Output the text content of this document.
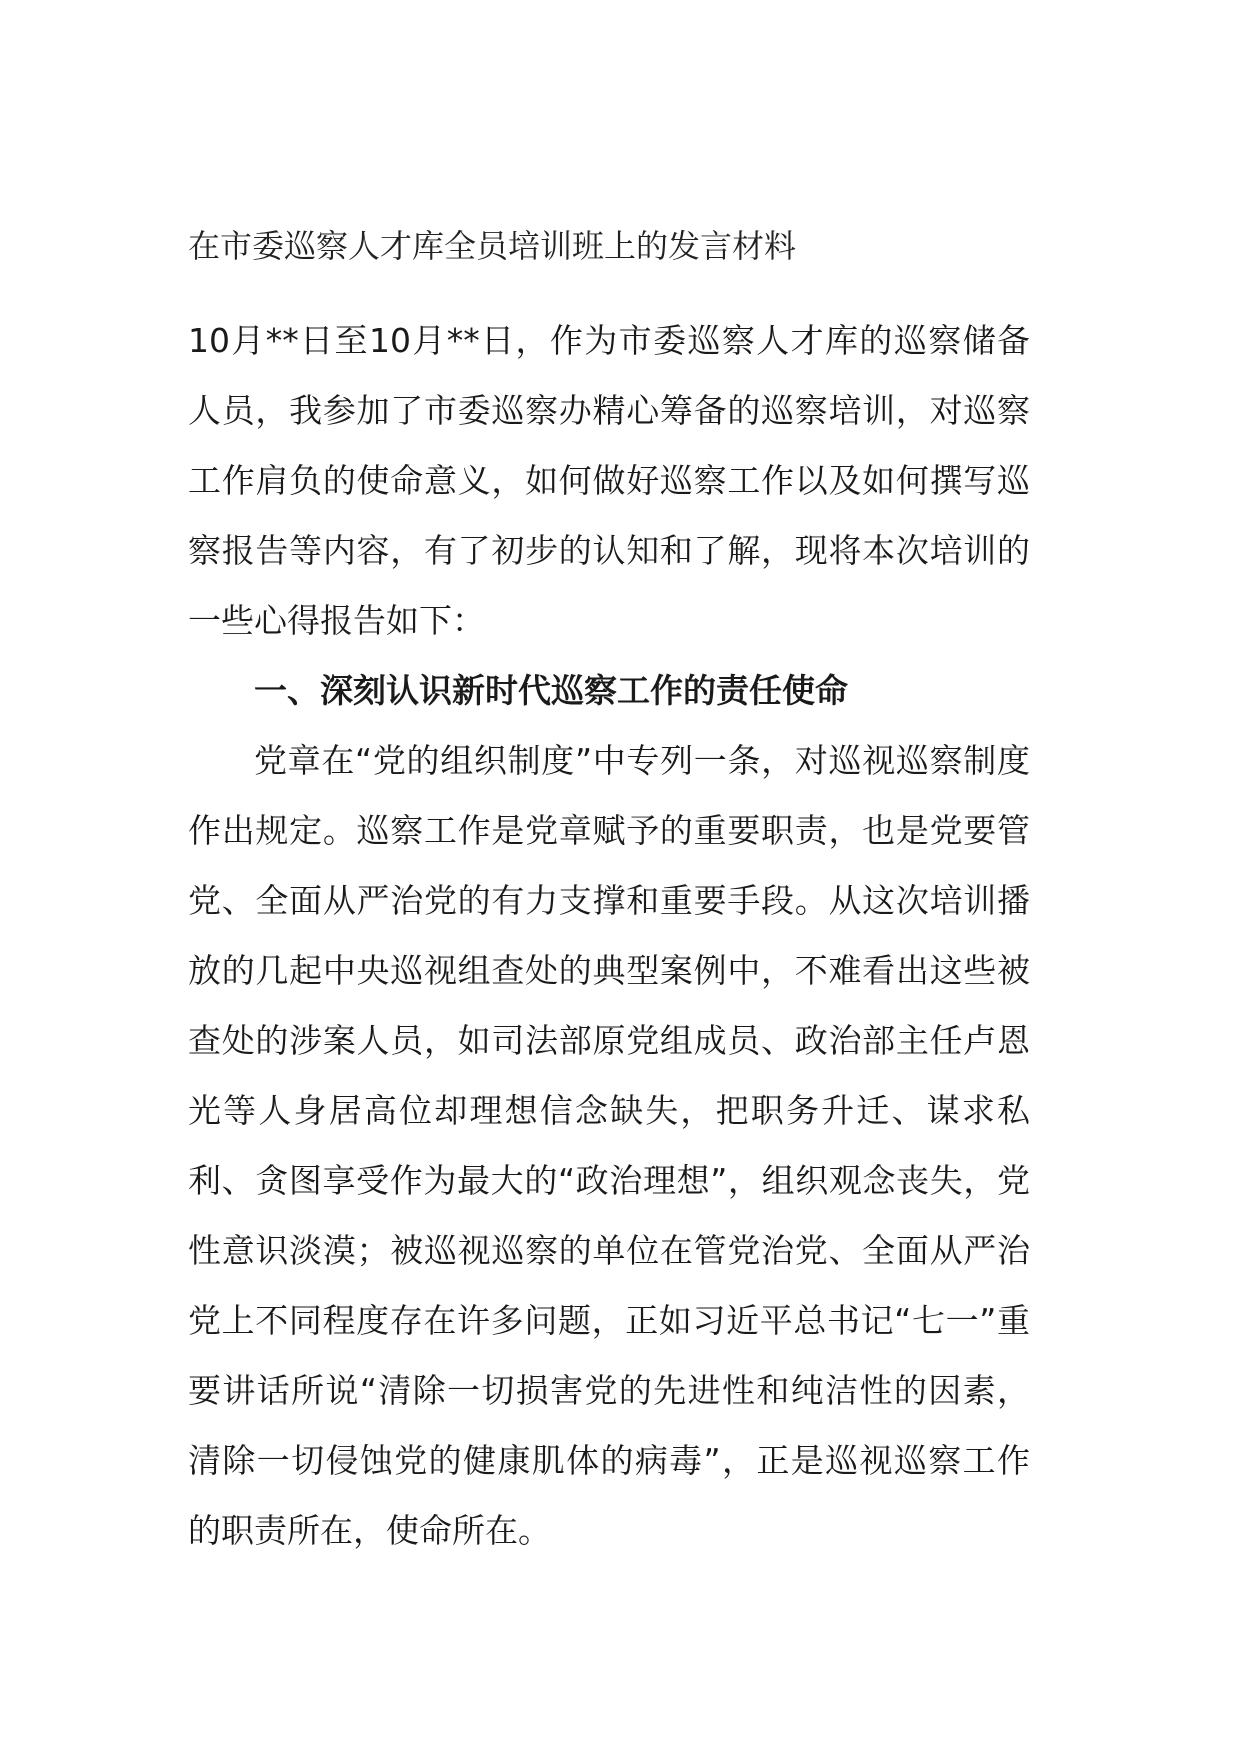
在市委巡察人才库全员培训班上的发言材料

10月**日至10月**日，作为市委巡察人才库的巡察储备人员，我参加了市委巡察办精心筹备的巡察培训，对巡察工作肩负的使命意义，如何做好巡察工作以及如何撰写巡察报告等内容，有了初步的认知和了解，现将本次培训的一些心得报告如下：

一、深刻认识新时代巡察工作的责任使命

党章在“党的组织制度”中专列一条，对巡视巡察制度作出规定。巡察工作是党章赋予的重要职责，也是党要管党、全面从严治党的有力支撑和重要手段。从这次培训播放的几起中央巡视组查处的典型案例中，不难看出这些被查处的涉案人员，如司法部原党组成员、政治部主任卢恩光等人身居高位却理想信念缺失，把职务升迁、谋求私利、贪图享受作为最大的“政治理想”，组织观念丧失，党性意识淡漠；被巡视巡察的单位在管党治党、全面从严治党上不同程度存在许多问题，正如习近平总书记“七一”重要讲话所说“清除一切损害党的先进性和纯洁性的因素，清除一切侵蚀党的健康肌体的病毒”，正是巡视巡察工作的职责所在，使命所在。
